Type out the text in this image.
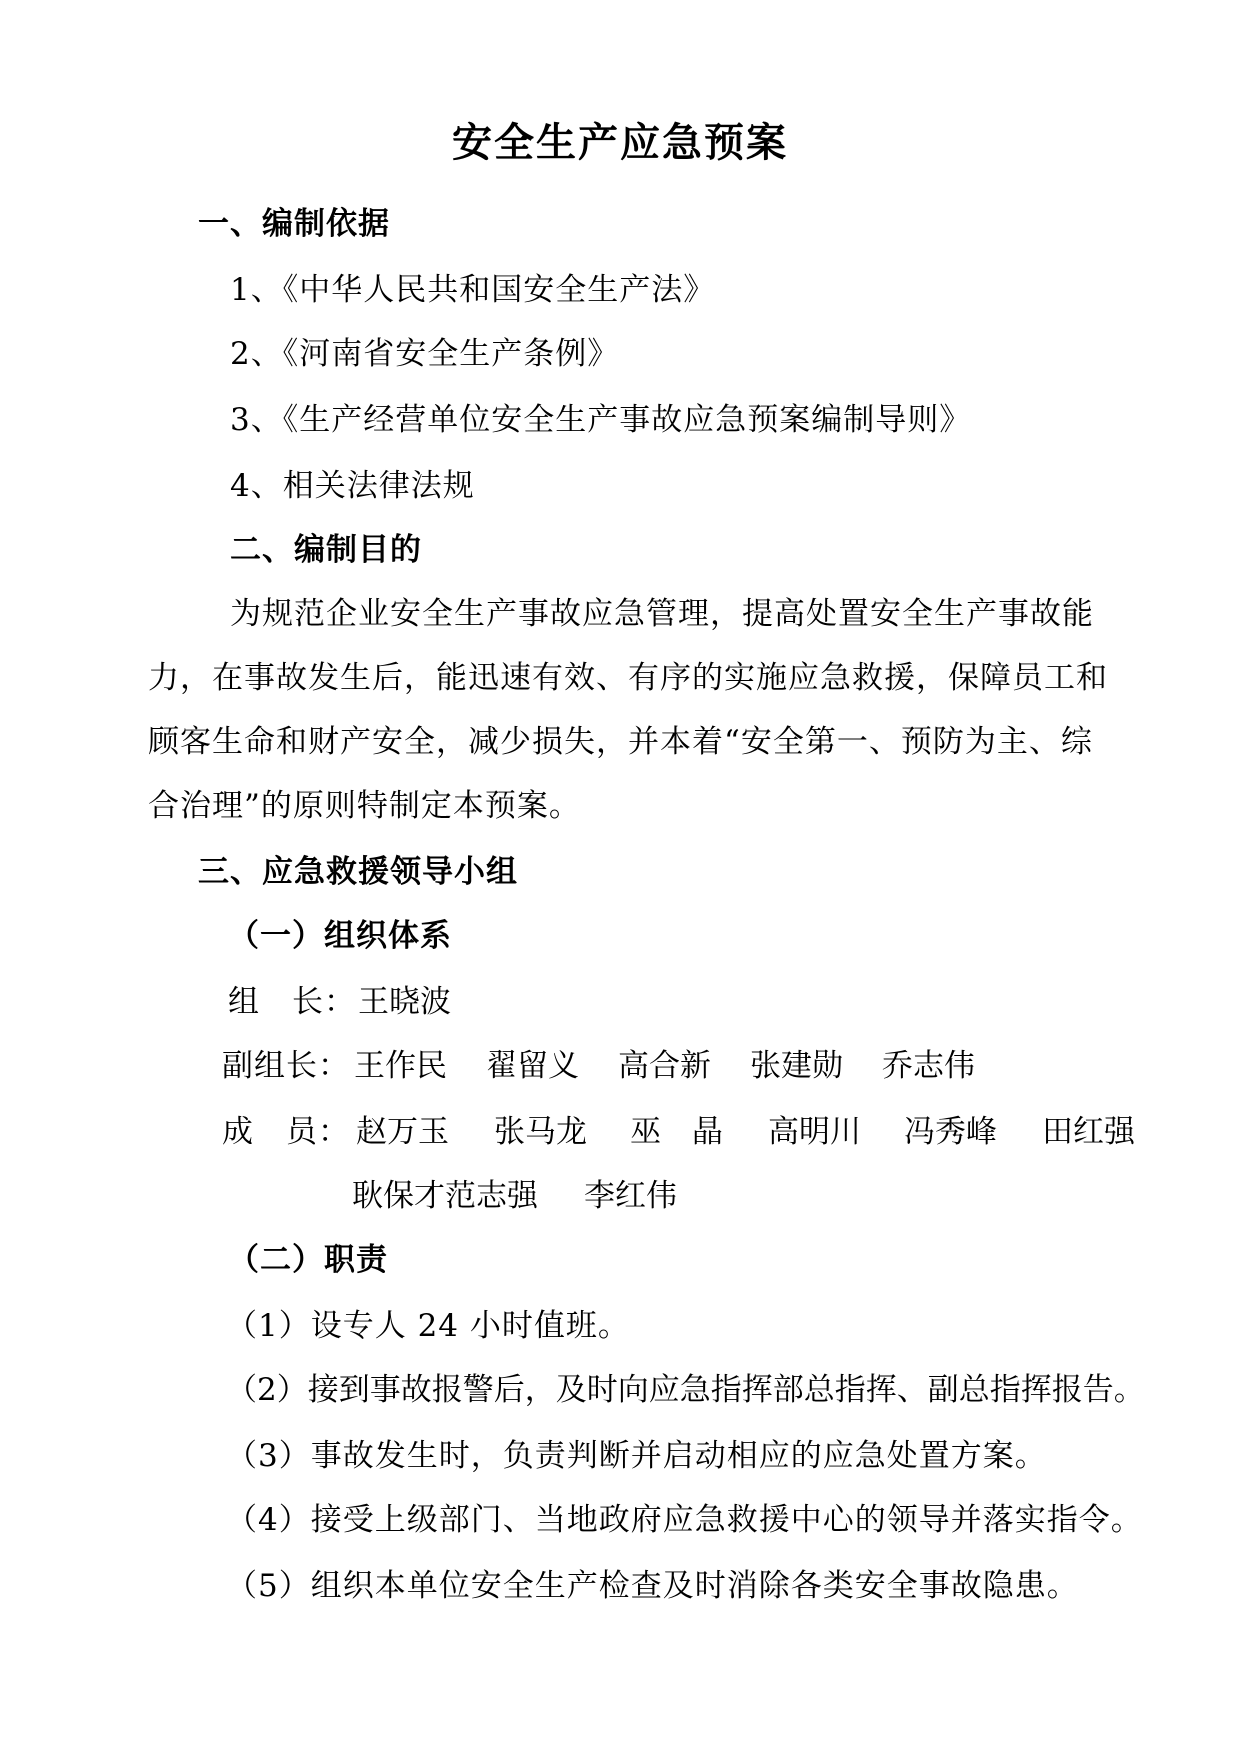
安全生产应急预案
一、编制依据
1、《中华人民共和国安全生产法》
2、《河南省安全生产条例》
3、《生产经营单位安全生产事故应急预案编制导则》
4、相关法律法规
二、编制目的
为规范企业安全生产事故应急管理，提高处置安全生产事故能
力，在事故发生后，能迅速有效、有序的实施应急救援，保障员工和
顾客生命和财产安全，减少损失，并本着“安全第一、预防为主、综
合治理”的原则特制定本预案。
三、应急救援领导小组
（一）组织体系
组　长： 王晓波
副组长： 王作民 翟留义 高合新 张建勋 乔志伟
成　员： 赵万玉 张马龙 巫　晶 高明川 冯秀峰 田红强
耿保才范志强 李红伟
（二）职责
（1）设专人 24 小时值班。
（2）接到事故报警后，及时向应急指挥部总指挥、副总指挥报告。
（3）事故发生时，负责判断并启动相应的应急处置方案。
（4）接受上级部门、当地政府应急救援中心的领导并落实指令。
（5）组织本单位安全生产检查及时消除各类安全事故隐患。
